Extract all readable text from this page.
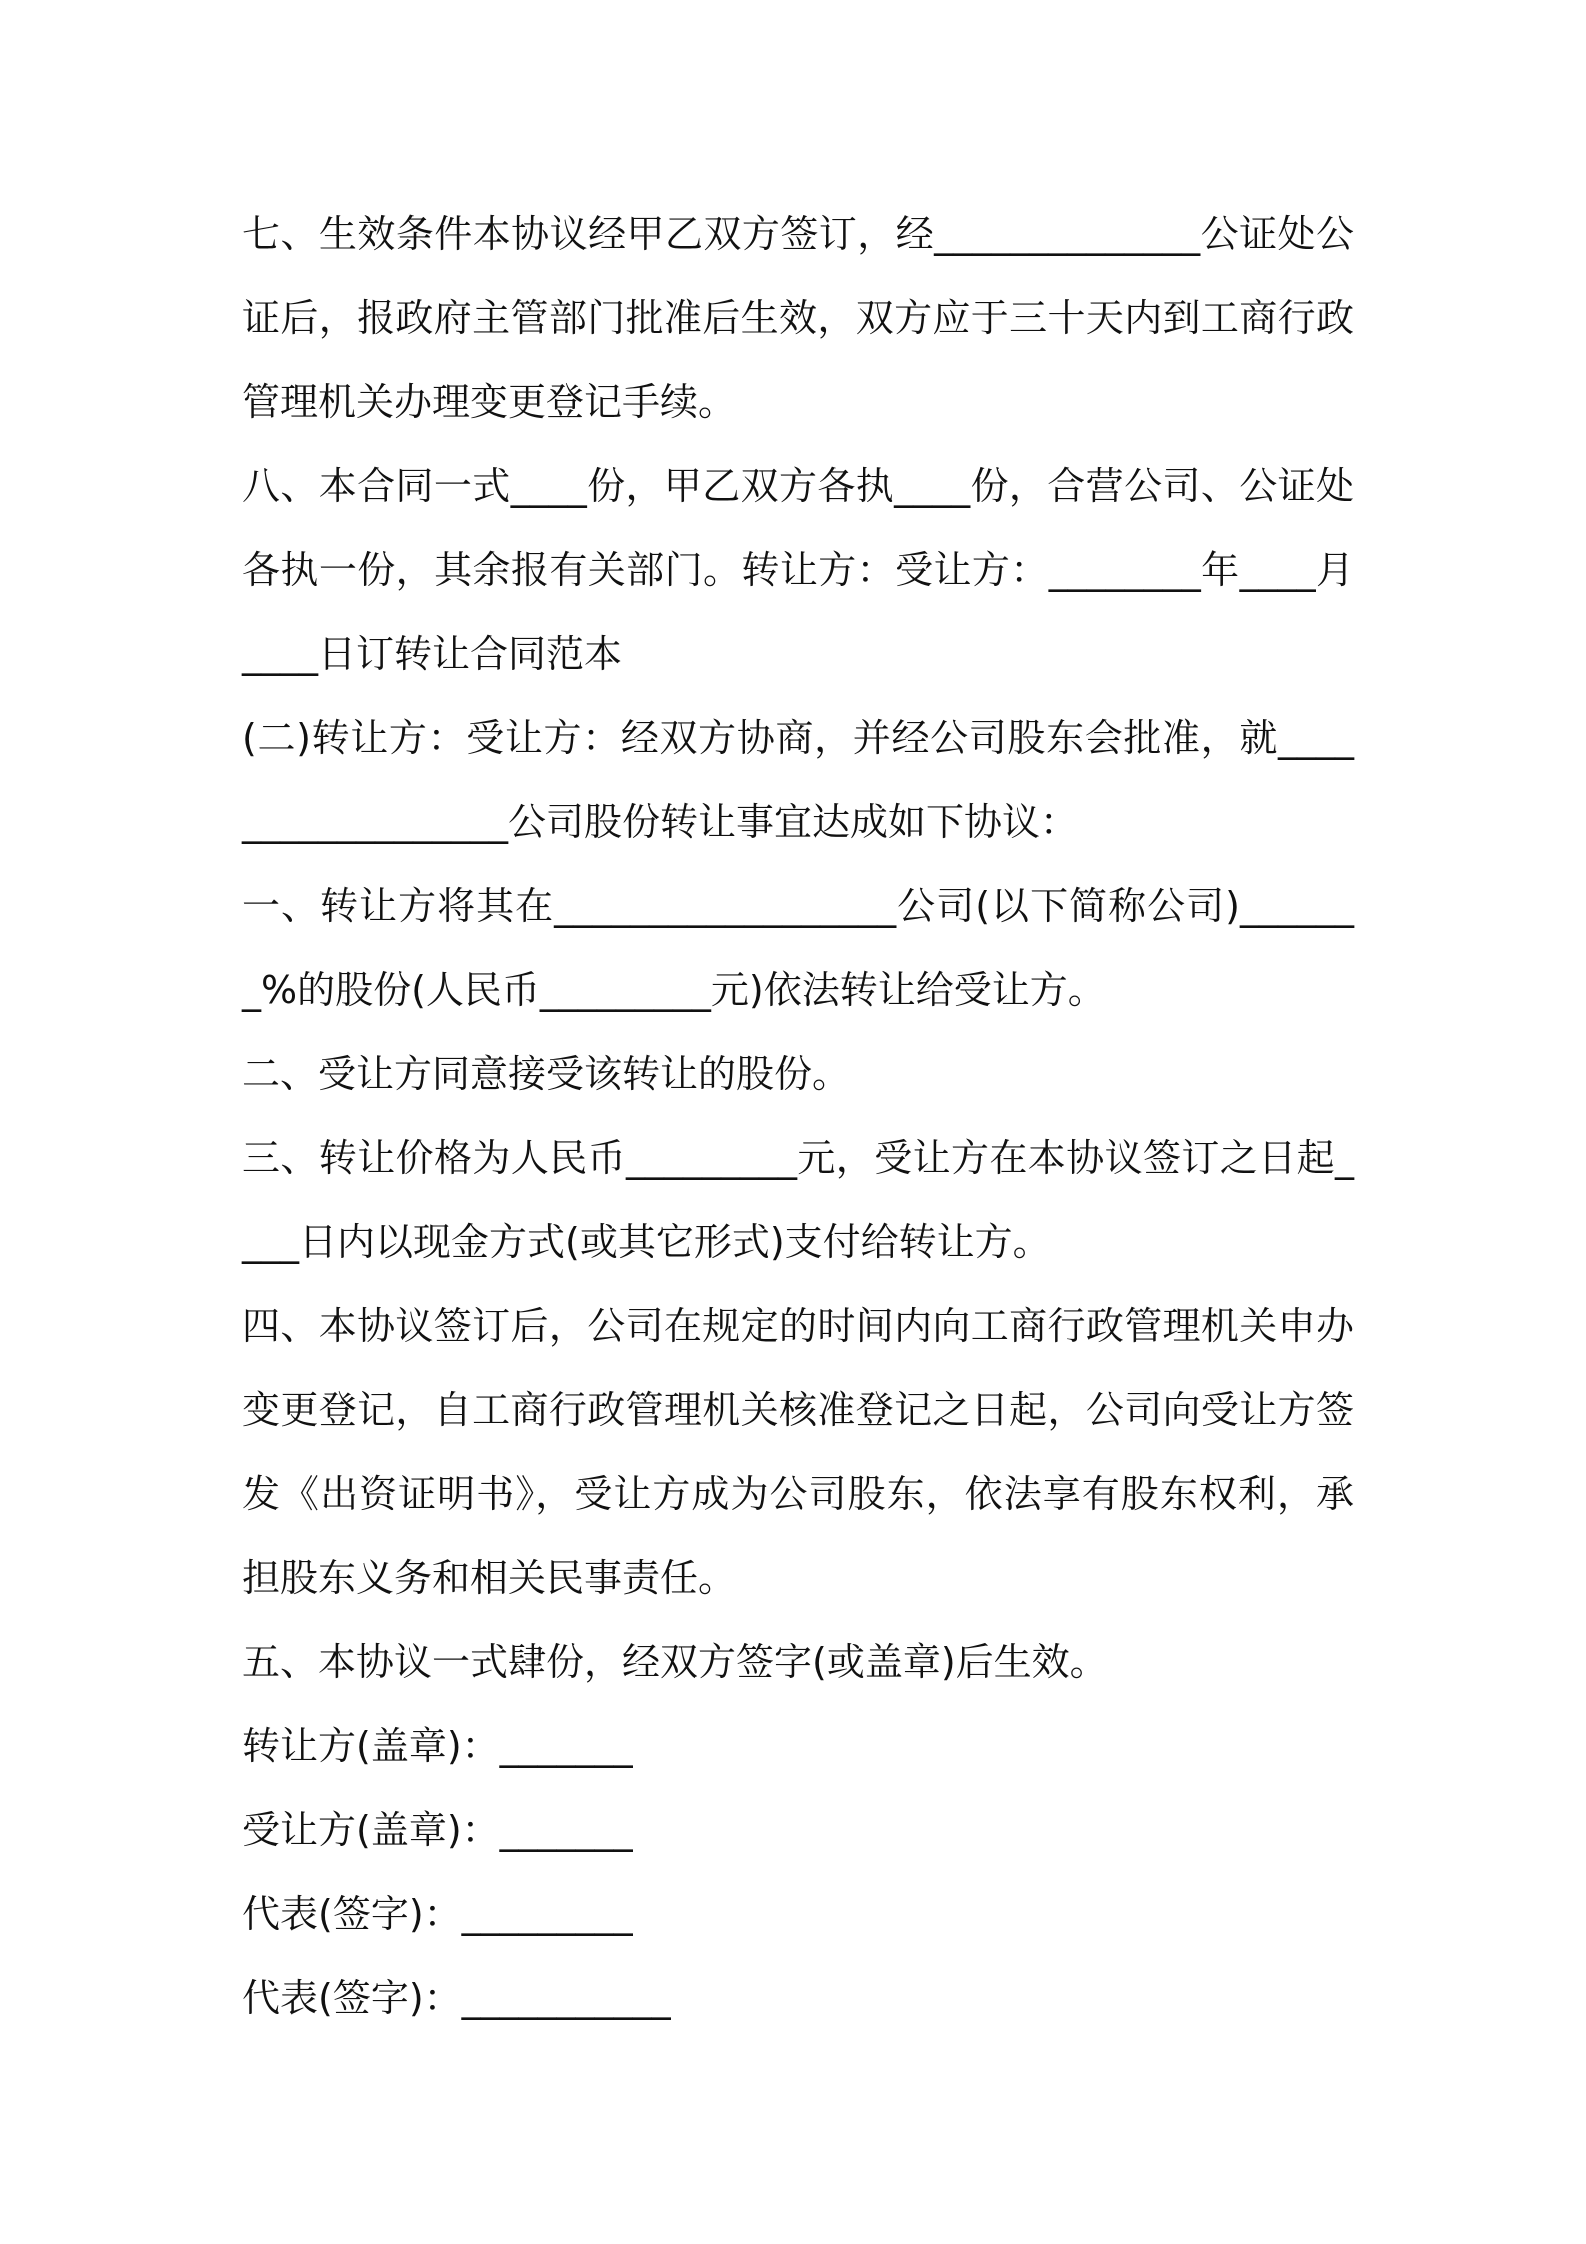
七、生效条件本协议经甲乙双方签订，经______________公证处公证后，报政府主管部门批准后生效，双方应于三十天内到工商行政管理机关办理变更登记手续。

八、本合同一式____份，甲乙双方各执____份，合营公司、公证处各执一份，其余报有关部门。转让方：受让方：________年____月____日订转让合同范本

(二)转让方：受让方：经双方协商，并经公司股东会批准，就__________________公司股份转让事宜达成如下协议：

一、转让方将其在__________________公司(以下简称公司)_______%的股份(人民币_________元)依法转让给受让方。

二、受让方同意接受该转让的股份。

三、转让价格为人民币_________元，受让方在本协议签订之日起____日内以现金方式(或其它形式)支付给转让方。

四、本协议签订后，公司在规定的时间内向工商行政管理机关申办变更登记，自工商行政管理机关核准登记之日起，公司向受让方签发《出资证明书》，受让方成为公司股东，依法享有股东权利，承担股东义务和相关民事责任。

五、本协议一式肆份，经双方签字(或盖章)后生效。

转让方(盖章)：_______

受让方(盖章)：_______

代表(签字)：_________

代表(签字)：___________
